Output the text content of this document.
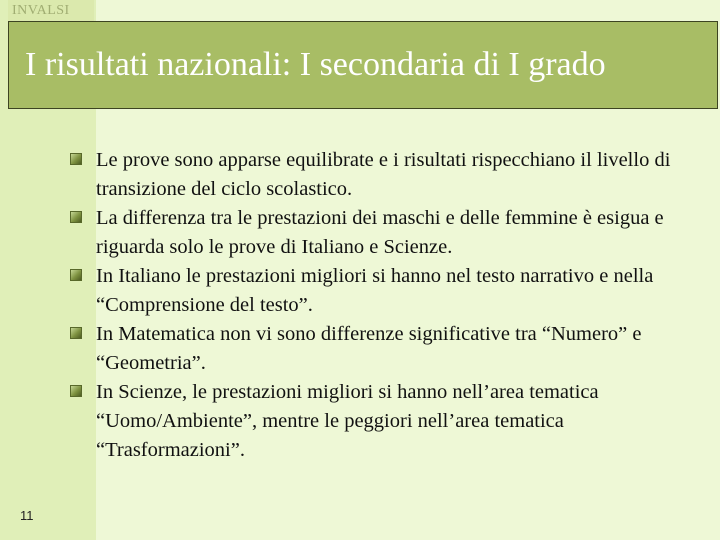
INVALSI
I risultati nazionali: I secondaria di I grado
Le prove sono apparse equilibrate e i risultati rispecchiano il livello di transizione del ciclo scolastico.
La differenza tra le prestazioni dei maschi e delle femmine è esigua e riguarda solo le prove di Italiano e Scienze.
In Italiano le prestazioni migliori si hanno nel testo narrativo e nella “Comprensione del testo”.
In Matematica non vi sono differenze significative tra “Numero” e “Geometria”.
In Scienze, le prestazioni migliori si hanno nell’area tematica “Uomo/Ambiente”, mentre le peggiori nell’area tematica “Trasformazioni”.
11
